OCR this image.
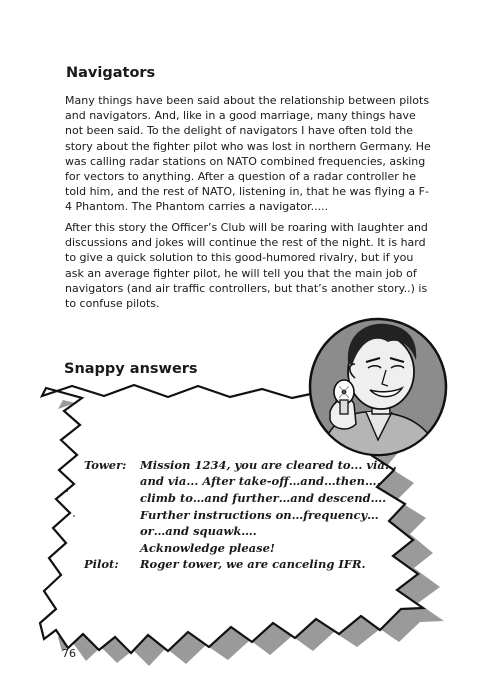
Navigators

Many things have been said about the relationship between pilots and navigators. And, like in a good marriage, many things have not been said. To the delight of navigators I have often told the story about the fighter pilot who was lost in northern Germany. He was calling radar stations on NATO combined frequencies, asking for vectors to anything. After a question of a radar controller he told him, and the rest of NATO, listening in, that he was flying a F-4 Phantom. The Phantom carries a navigator.....

After this story the Officer’s Club will be roaring with laughter and discussions and jokes will continue the rest of the night. It is hard to give a quick solution to this good-humored rivalry, but if you ask an average fighter pilot, he will tell you that the main job of navigators (and air traffic controllers, but that’s another story..) is to confuse pilots.

Snappy answers
Tower: Mission 1234, you are cleared to... via...
and via... After take-off…and…then…,
climb to…and further…and descend….
Further instructions on…frequency…
or…and squawk….
Acknowledge please!
Pilot: Roger tower, we are canceling IFR.
76
